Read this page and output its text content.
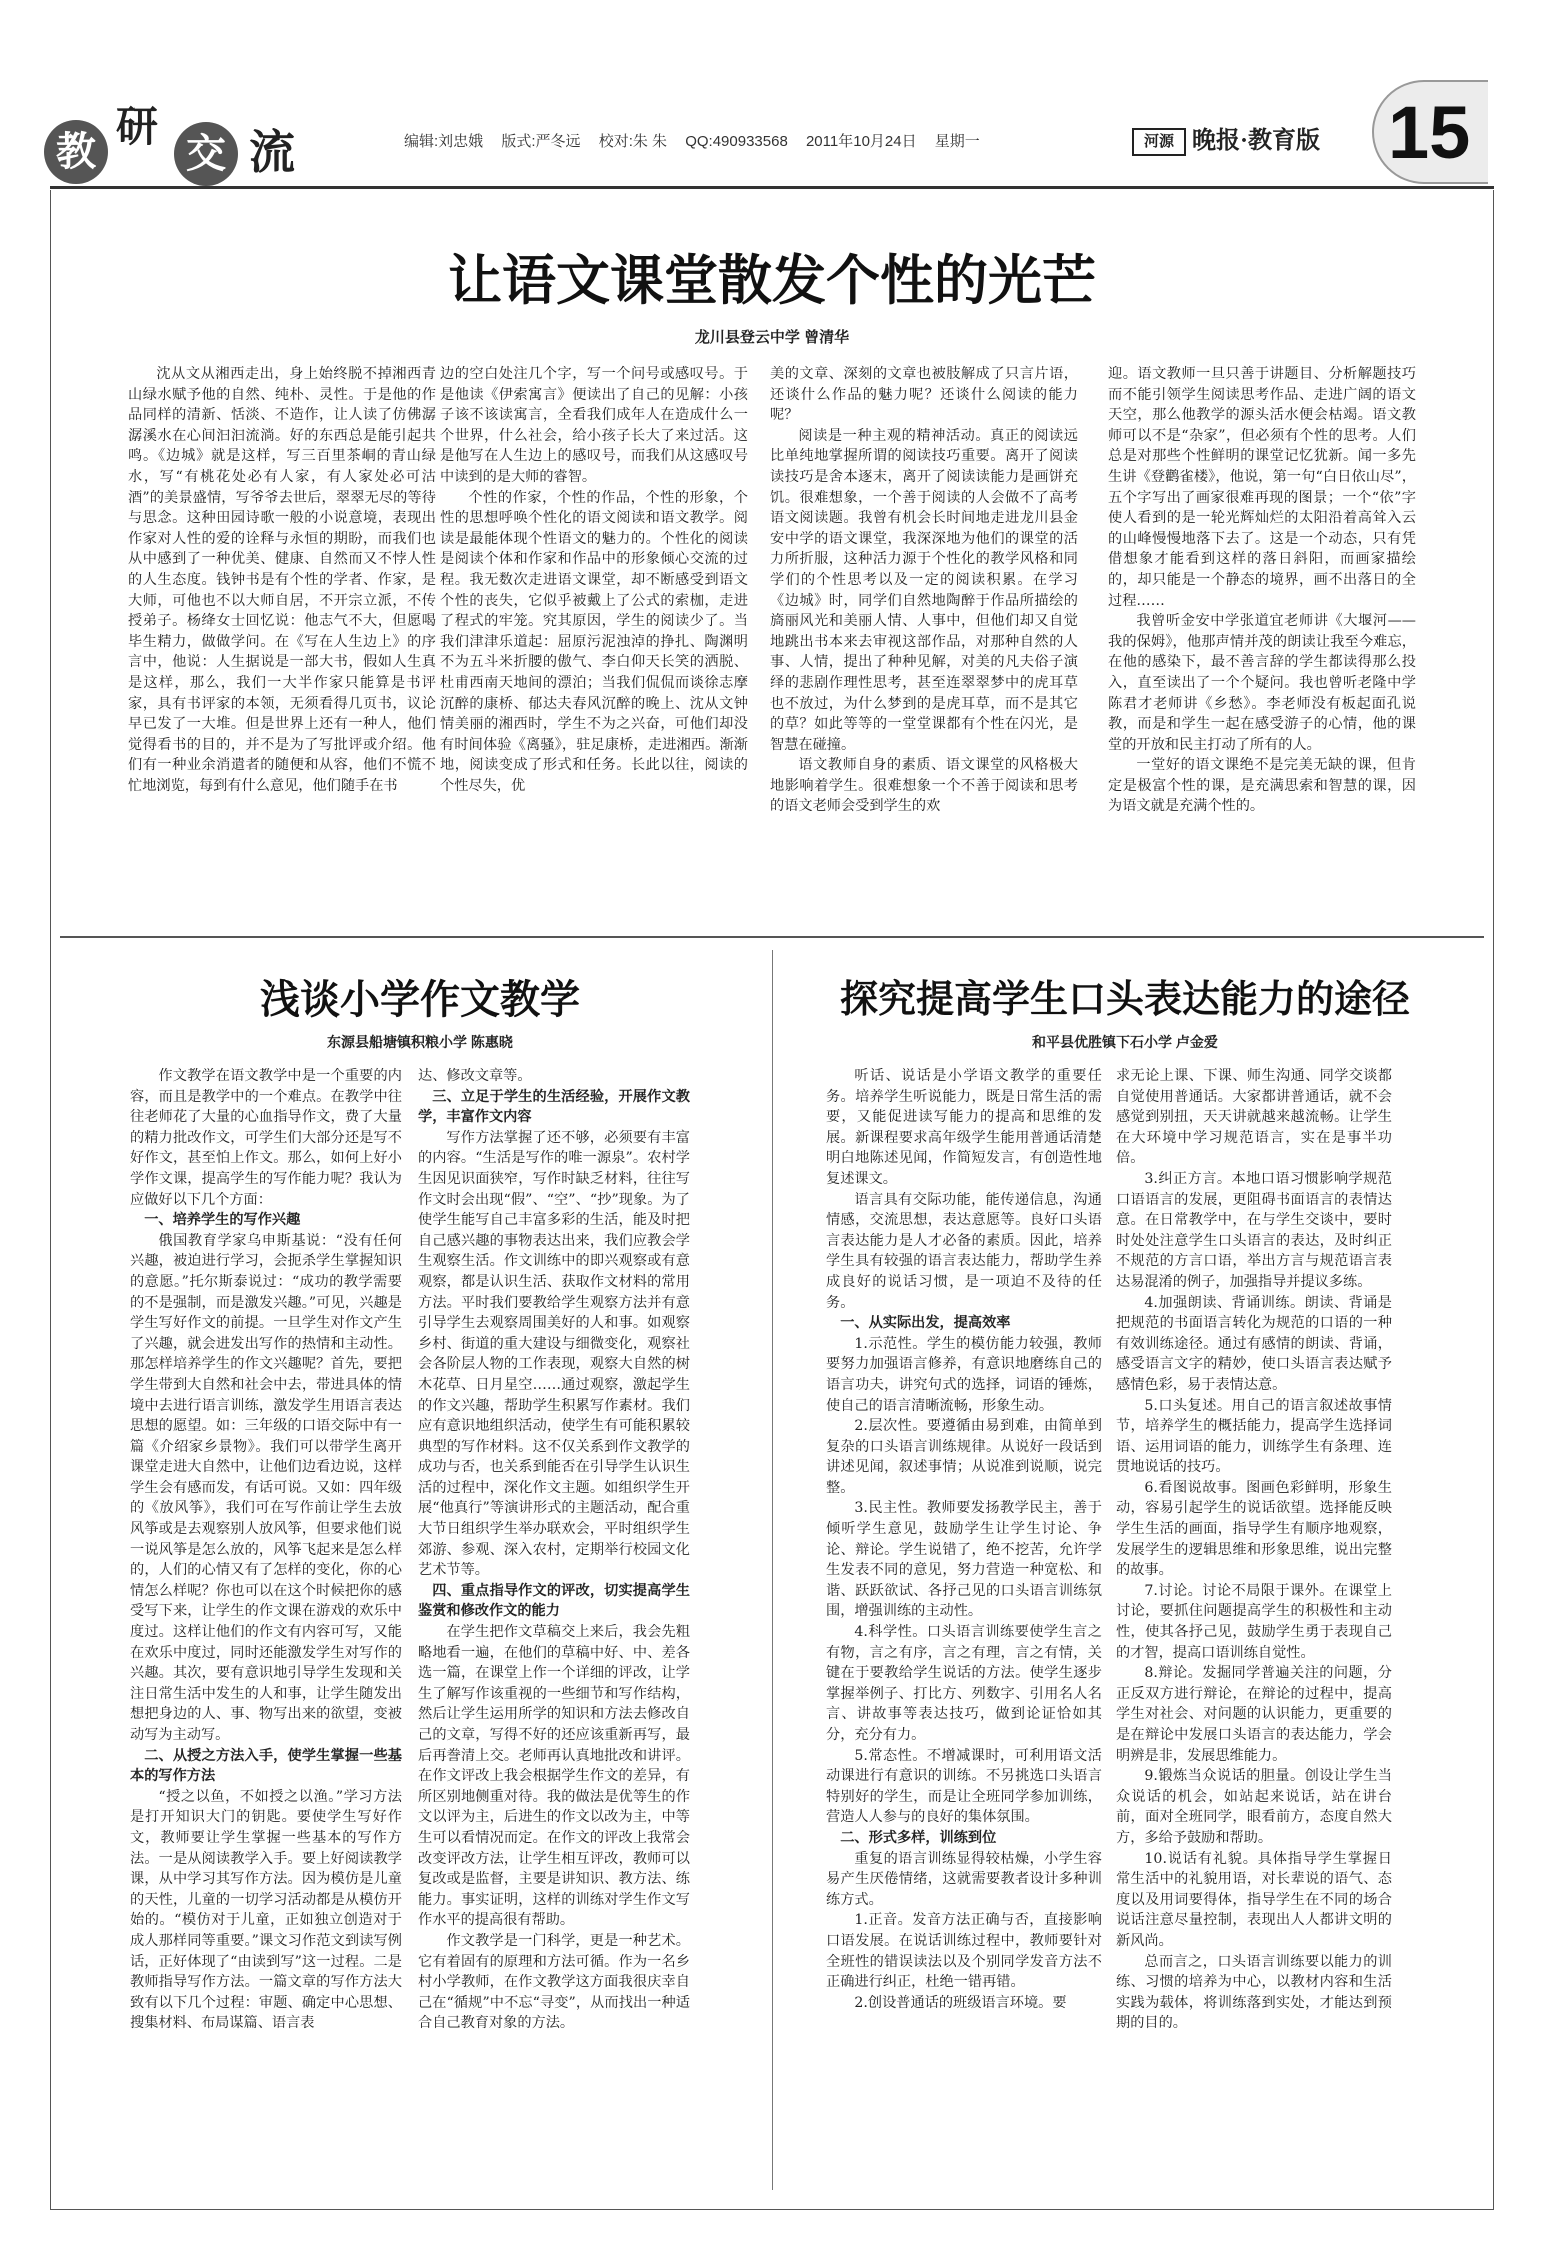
教
研
交 流	编辑:刘忠娥 版式:严冬远 校对:朱 朱 QQ:490933568 2011年10月24日 星期一	河源 晚报·教育版 15
让语文课堂散发个性的光芒
龙川县登云中学 曾清华

沈从文从湘西走出，身上始终脱不掉湘西青山绿水赋予他的自然、纯朴、灵性。于是他的作品同样的清新、恬淡、不造作，让人读了仿佛潺潺溪水在心间汩汩流淌。好的东西总是能引起共鸣。《边城》就是这样，写三百里茶峒的青山绿水，写“有桃花处必有人家，有人家处必可沽酒”的美景盛情，写爷爷去世后，翠翠无尽的等待与思念。这种田园诗歌一般的小说意境，表现出作家对人性的爱的诠释与永恒的期盼，而我们也从中感到了一种优美、健康、自然而又不悖人性的人生态度。钱钟书是有个性的学者、作家，是大师，可他也不以大师自居，不开宗立派，不传授弟子。杨绛女士回忆说：他志气不大，但愿喝毕生精力，做做学问。在《写在人生边上》的序言中，他说：人生据说是一部大书，假如人生真是这样，那么，我们一大半作家只能算是书评家，具有书评家的本领，无须看得几页书，议论早已发了一大堆。但是世界上还有一种人，他们觉得看书的目的，并不是为了写批评或介绍。他们有一种业余消遣者的随便和从容，他们不慌不忙地浏览，每到有什么意见，他们随手在书

边的空白处注几个字，写一个问号或感叹号。于是他读《伊索寓言》便读出了自己的见解：小孩子该不该读寓言，全看我们成年人在造成什么一个世界，什么社会，给小孩子长大了来过活。这是他写在人生边上的感叹号，而我们从这感叹号中读到的是大师的睿智。

个性的作家，个性的作品，个性的形象，个性的思想呼唤个性化的语文阅读和语文教学。阅读是最能体现个性语文的魅力的。个性化的阅读是阅读个体和作家和作品中的形象倾心交流的过程。我无数次走进语文课堂，却不断感受到语文个性的丧失，它似乎被戴上了公式的索枷，走进了程式的牢笼。究其原因，学生的阅读少了。当我们津津乐道起：屈原污泥浊淖的挣扎、陶渊明不为五斗米折腰的傲气、李白仰天长笑的洒脱、杜甫西南天地间的漂泊；当我们侃侃而谈徐志摩沉醉的康桥、郁达夫春风沉醉的晚上、沈从文钟情美丽的湘西时，学生不为之兴奋，可他们却没有时间体验《离骚》，驻足康桥，走进湘西。渐渐地，阅读变成了形式和任务。长此以往，阅读的个性尽失，优

美的文章、深刻的文章也被肢解成了只言片语，还谈什么作品的魅力呢？还谈什么阅读的能力呢？

阅读是一种主观的精神活动。真正的阅读远比单纯地掌握所谓的阅读技巧重要。离开了阅读读技巧是舍本逐末，离开了阅读读能力是画饼充饥。很难想象，一个善于阅读的人会做不了高考语文阅读题。我曾有机会长时间地走进龙川县金安中学的语文课堂，我深深地为他们的课堂的活力所折服，这种活力源于个性化的教学风格和同学们的个性思考以及一定的阅读积累。在学习《边城》时，同学们自然地陶醉于作品所描绘的旖丽风光和美丽人情、人事中，但他们却又自觉地跳出书本来去审视这部作品，对那种自然的人事、人情，提出了种种见解，对美的凡夫俗子演绎的悲剧作理性思考，甚至连翠翠梦中的虎耳草也不放过，为什么梦到的是虎耳草，而不是其它的草？如此等等的一堂堂课都有个性在闪光，是智慧在碰撞。

语文教师自身的素质、语文课堂的风格极大地影响着学生。很难想象一个不善于阅读和思考的语文老师会受到学生的欢

迎。语文教师一旦只善于讲题目、分析解题技巧而不能引领学生阅读思考作品、走进广阔的语文天空，那么他教学的源头活水便会枯竭。语文教师可以不是“杂家”，但必须有个性的思考。人们总是对那些个性鲜明的课堂记忆犹新。闻一多先生讲《登鹳雀楼》，他说，第一句“白日依山尽”，五个字写出了画家很难再现的图景；一个“依”字使人看到的是一轮光辉灿烂的太阳沿着高耸入云的山峰慢慢地落下去了。这是一个动态，只有凭借想象才能看到这样的落日斜阳，而画家描绘的，却只能是一个静态的境界，画不出落日的全过程……

我曾听金安中学张道宜老师讲《大堰河——我的保姆》，他那声情并茂的朗读让我至今难忘，在他的感染下，最不善言辞的学生都读得那么投入，直至读出了一个个疑问。我也曾听老隆中学陈君才老师讲《乡愁》。李老师没有板起面孔说教，而是和学生一起在感受游子的心情，他的课堂的开放和民主打动了所有的人。

一堂好的语文课绝不是完美无缺的课，但肯定是极富个性的课，是充满思索和智慧的课，因为语文就是充满个性的。

浅谈小学作文教学
东源县船塘镇积粮小学 陈惠晓

作文教学在语文教学中是一个重要的内容，而且是教学中的一个难点。在教学中往往老师花了大量的心血指导作文，费了大量的精力批改作文，可学生们大部分还是写不好作文，甚至怕上作文。那么，如何上好小学作文课，提高学生的写作能力呢？我认为应做好以下几个方面：

一、培养学生的写作兴趣

俄国教育学家乌申斯基说：“没有任何兴趣，被迫进行学习，会扼杀学生掌握知识的意愿。”托尔斯泰说过：“成功的教学需要的不是强制，而是激发兴趣。”可见，兴趣是学生写好作文的前提。一旦学生对作文产生了兴趣，就会进发出写作的热情和主动性。那怎样培养学生的作文兴趣呢？首先，要把学生带到大自然和社会中去，带进具体的情境中去进行语言训练，激发学生用语言表达思想的愿望。如：三年级的口语交际中有一篇《介绍家乡景物》。我们可以带学生离开课堂走进大自然中，让他们边看边说，这样学生会有感而发，有话可说。又如：四年级的《放风筝》，我们可在写作前让学生去放风筝或是去观察别人放风筝，但要求他们说一说风筝是怎么放的，风筝飞起来是怎么样的，人们的心情又有了怎样的变化，你的心情怎么样呢？你也可以在这个时候把你的感受写下来，让学生的作文课在游戏的欢乐中度过。这样让他们的作文有内容可写，又能在欢乐中度过，同时还能激发学生对写作的兴趣。其次，要有意识地引导学生发现和关注日常生活中发生的人和事，让学生随发出想把身边的人、事、物写出来的欲望，变被动写为主动写。

二、从授之方法入手，使学生掌握一些基本的写作方法

“授之以鱼，不如授之以渔。”学习方法是打开知识大门的钥匙。要使学生写好作文，教师要让学生掌握一些基本的写作方法。一是从阅读教学入手。要上好阅读教学课，从中学习其写作方法。因为模仿是儿童的天性，儿童的一切学习活动都是从模仿开始的。“模仿对于儿童，正如独立创造对于成人那样同等重要。”课文习作范文到读写例话，正好体现了“由读到写”这一过程。二是教师指导写作方法。一篇文章的写作方法大致有以下几个过程：审题、确定中心思想、搜集材料、布局谋篇、语言表

达、修改文章等。

三、立足于学生的生活经验，开展作文教学，丰富作文内容

写作方法掌握了还不够，必须要有丰富的内容。“生活是写作的唯一源泉”。农村学生因见识面狭窄，写作时缺乏材料，往往写作文时会出现“假”、“空”、“抄”现象。为了使学生能写自己丰富多彩的生活，能及时把自己感兴趣的事物表达出来，我们应教会学生观察生活。作文训练中的即兴观察或有意观察，都是认识生活、获取作文材料的常用方法。平时我们要教给学生观察方法并有意引导学生去观察周围美好的人和事。如观察乡村、街道的重大建设与细微变化，观察社会各阶层人物的工作表现，观察大自然的树木花草、日月星空……通过观察，激起学生的作文兴趣，帮助学生积累写作素材。我们应有意识地组织活动，使学生有可能积累较典型的写作材料。这不仅关系到作文教学的成功与否，也关系到能否在引导学生认识生活的过程中，深化作文主题。如组织学生开展“他真行”等演讲形式的主题活动，配合重大节日组织学生举办联欢会，平时组织学生郊游、参观、深入农村，定期举行校园文化艺术节等。

四、重点指导作文的评改，切实提高学生鉴赏和修改作文的能力

在学生把作文草稿交上来后，我会先粗略地看一遍，在他们的草稿中好、中、差各选一篇，在课堂上作一个详细的评改，让学生了解写作该重视的一些细节和写作结构，然后让学生运用所学的知识和方法去修改自己的文章，写得不好的还应该重新再写，最后再誊清上交。老师再认真地批改和讲评。在作文评改上我会根据学生作文的差异，有所区别地侧重对待。我的做法是优等生的作文以评为主，后进生的作文以改为主，中等生可以看情况而定。在作文的评改上我常会改变评改方法，让学生相互评改，教师可以复改或是监督，主要是讲知识、教方法、练能力。事实证明，这样的训练对学生作文写作水平的提高很有帮助。

作文教学是一门科学，更是一种艺术。它有着固有的原理和方法可循。作为一名乡村小学教师，在作文教学这方面我很庆幸自己在“循规”中不忘“寻变”，从而找出一种适合自己教育对象的方法。

探究提高学生口头表达能力的途径
和平县优胜镇下石小学 卢金爱

听话、说话是小学语文教学的重要任务。培养学生听说能力，既是日常生活的需要，又能促进读写能力的提高和思维的发展。新课程要求高年级学生能用普通话清楚明白地陈述见闻，作简短发言，有创造性地复述课文。

语言具有交际功能，能传递信息，沟通情感，交流思想，表达意愿等。良好口头语言表达能力是人才必备的素质。因此，培养学生具有较强的语言表达能力，帮助学生养成良好的说话习惯，是一项迫不及待的任务。

一、从实际出发，提高效率

1.示范性。学生的模仿能力较强，教师要努力加强语言修养，有意识地磨练自己的语言功夫，讲究句式的选择，词语的锤炼，使自己的语言清晰流畅，形象生动。

2.层次性。要遵循由易到难，由简单到复杂的口头语言训练规律。从说好一段话到讲述见闻，叙述事情；从说准到说顺，说完整。

3.民主性。教师要发扬教学民主，善于倾听学生意见，鼓励学生让学生讨论、争论、辩论。学生说错了，绝不挖苦，允许学生发表不同的意见，努力营造一种宽松、和谐、跃跃欲试、各抒己见的口头语言训练氛围，增强训练的主动性。

4.科学性。口头语言训练要使学生言之有物，言之有序，言之有理，言之有情，关键在于要教给学生说话的方法。使学生逐步掌握举例子、打比方、列数字、引用名人名言、讲故事等表达技巧，做到论证恰如其分，充分有力。

5.常态性。不增减课时，可利用语文活动课进行有意识的训练。不另挑选口头语言特别好的学生，而是让全班同学参加训练，营造人人参与的良好的集体氛围。

二、形式多样，训练到位

重复的语言训练显得较枯燥，小学生容易产生厌倦情绪，这就需要教者设计多种训练方式。

1.正音。发音方法正确与否，直接影响口语发展。在说话训练过程中，教师要针对全班性的错误读法以及个别同学发音方法不正确进行纠正，杜绝一错再错。

2.创设普通话的班级语言环境。要

求无论上课、下课、师生沟通、同学交谈都自觉使用普通话。大家都讲普通话，就不会感觉到别扭，天天讲就越来越流畅。让学生在大环境中学习规范语言，实在是事半功倍。

3.纠正方言。本地口语习惯影响学规范口语语言的发展，更阻碍书面语言的表情达意。在日常教学中，在与学生交谈中，要时时处处注意学生口头语言的表达，及时纠正不规范的方言口语，举出方言与规范语言表达易混淆的例子，加强指导并提议多练。

4.加强朗读、背诵训练。朗读、背诵是把规范的书面语言转化为规范的口语的一种有效训练途径。通过有感情的朗读、背诵，感受语言文字的精妙，使口头语言表达赋予感情色彩，易于表情达意。

5.口头复述。用自己的语言叙述故事情节，培养学生的概括能力，提高学生选择词语、运用词语的能力，训练学生有条理、连贯地说话的技巧。

6.看图说故事。图画色彩鲜明，形象生动，容易引起学生的说话欲望。选择能反映学生生活的画面，指导学生有顺序地观察，发展学生的逻辑思维和形象思维，说出完整的故事。

7.讨论。讨论不局限于课外。在课堂上讨论，要抓住问题提高学生的积极性和主动性，使其各抒己见，鼓励学生勇于表现自己的才智，提高口语训练自觉性。

8.辩论。发掘同学普遍关注的问题，分正反双方进行辩论，在辩论的过程中，提高学生对社会、对问题的认识能力，更重要的是在辩论中发展口头语言的表达能力，学会明辨是非，发展思维能力。

9.锻炼当众说话的胆量。创设让学生当众说话的机会，如站起来说话，站在讲台前，面对全班同学，眼看前方，态度自然大方，多给予鼓励和帮助。

10.说话有礼貌。具体指导学生掌握日常生活中的礼貌用语，对长辈说的语气、态度以及用词要得体，指导学生在不同的场合说话注意尽量控制，表现出人人都讲文明的新风尚。

总而言之，口头语言训练要以能力的训练、习惯的培养为中心，以教材内容和生活实践为载体，将训练落到实处，才能达到预期的目的。
